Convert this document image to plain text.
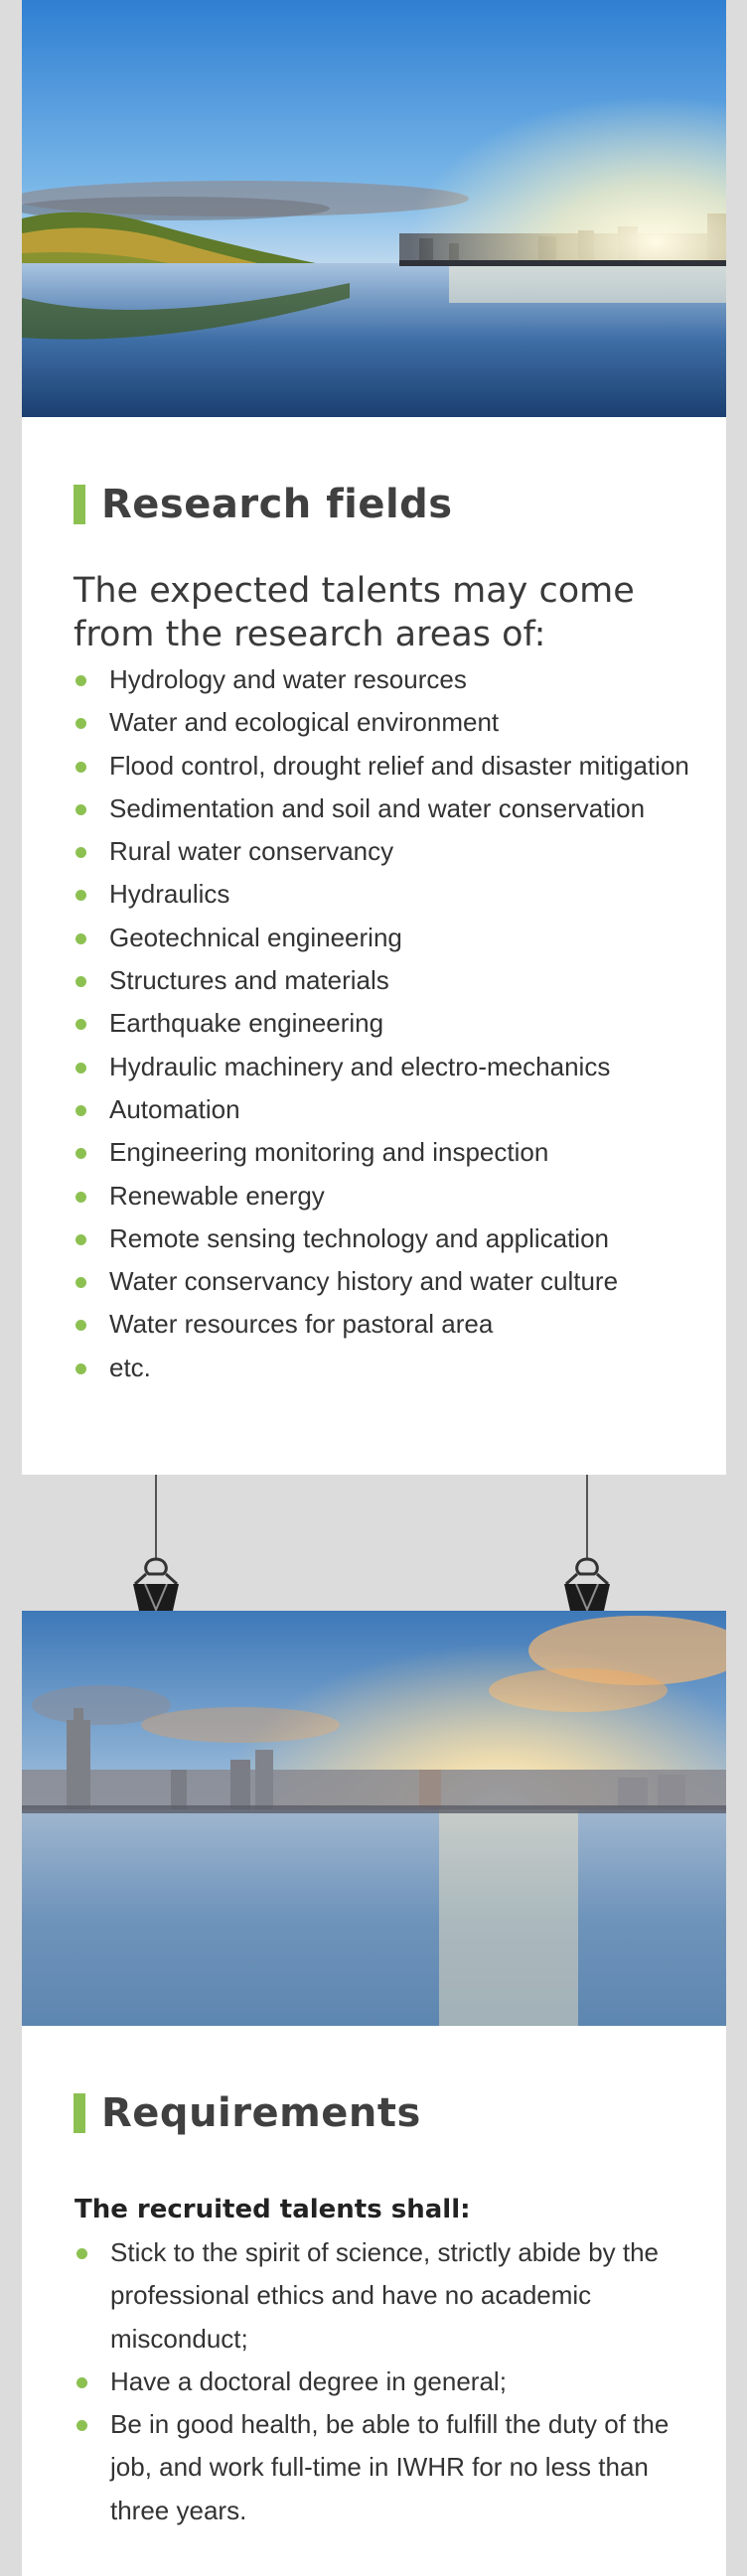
Research fields

The expected talents may come from the research areas of:

Hydrology and water resources
Water and ecological environment
Flood control, drought relief and disaster mitigation
Sedimentation and soil and water conservation
Rural water conservancy
Hydraulics
Geotechnical engineering
Structures and materials
Earthquake engineering
Hydraulic machinery and electro-mechanics
Automation
Engineering monitoring and inspection
Renewable energy
Remote sensing technology and application
Water conservancy history and water culture
Water resources for pastoral area
etc.
Requirements

The recruited talents shall:

Stick to the spirit of science, strictly abide by the professional ethics and have no academic misconduct;
Have a doctoral degree in general;
Be in good health, be able to fulfill the duty of the job, and work full-time in IWHR for no less than three years.
